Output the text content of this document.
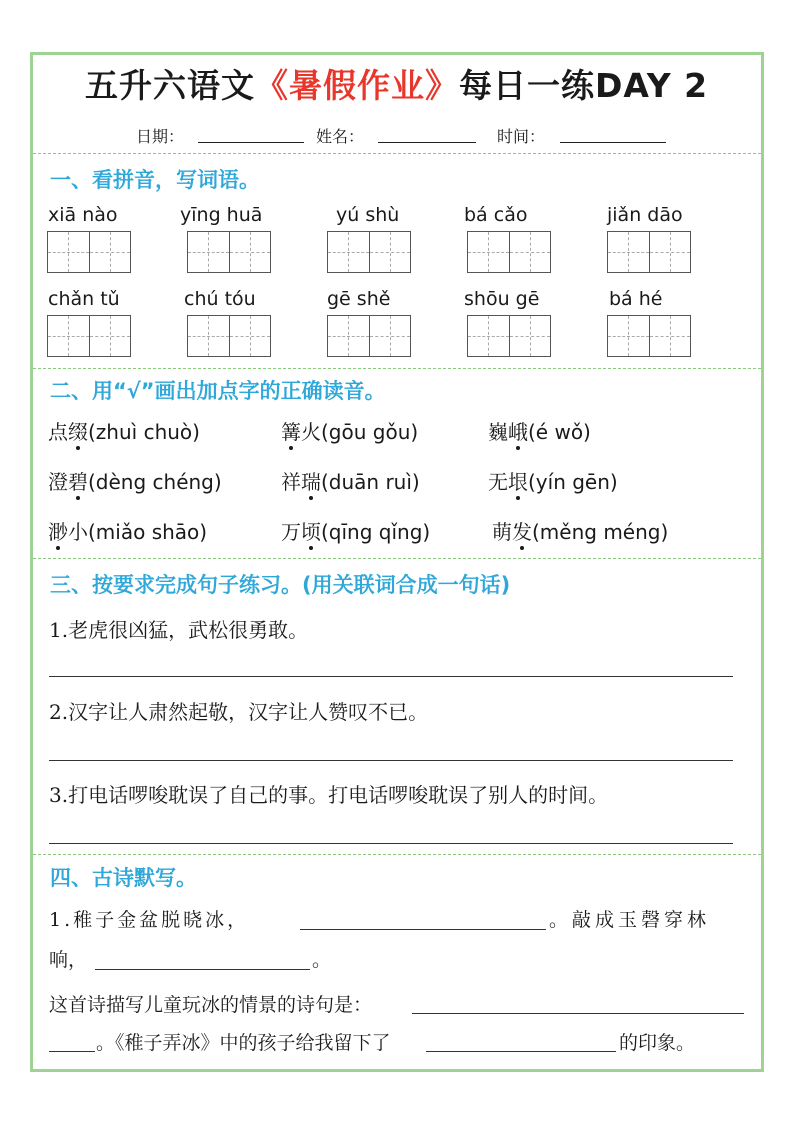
五升六语文《暑假作业》每日一练DAY 2
日期：	姓名：	时间：
一、看拼音，写词语。
xiā nào	yīng huā	yú shù	bá cǎo	jiǎn dāo
chǎn tǔ	chú tóu	gē shě	shōu gē	bá hé
二、用“√”画出加点字的正确读音。
点缀(zhuì chuò)	篝火(gōu gǒu)	巍峨(é wǒ)
澄碧(dèng chéng)	祥瑞(duān ruì)	无垠(yín gēn)
渺小(miǎo shāo)	万顷(qīng qǐng)	萌发(měng méng)
三、按要求完成句子练习。(用关联词合成一句话)
1.老虎很凶猛，武松很勇敢。
2.汉字让人肃然起敬，汉字让人赞叹不已。
3.打电话啰唆耽误了自己的事。打电话啰唆耽误了别人的时间。
四、古诗默写。
1.稚子金盆脱晓冰，	。敲成玉磬穿林
响，	。
这首诗描写儿童玩冰的情景的诗句是：
。《稚子弄冰》中的孩子给我留下了	的印象。
